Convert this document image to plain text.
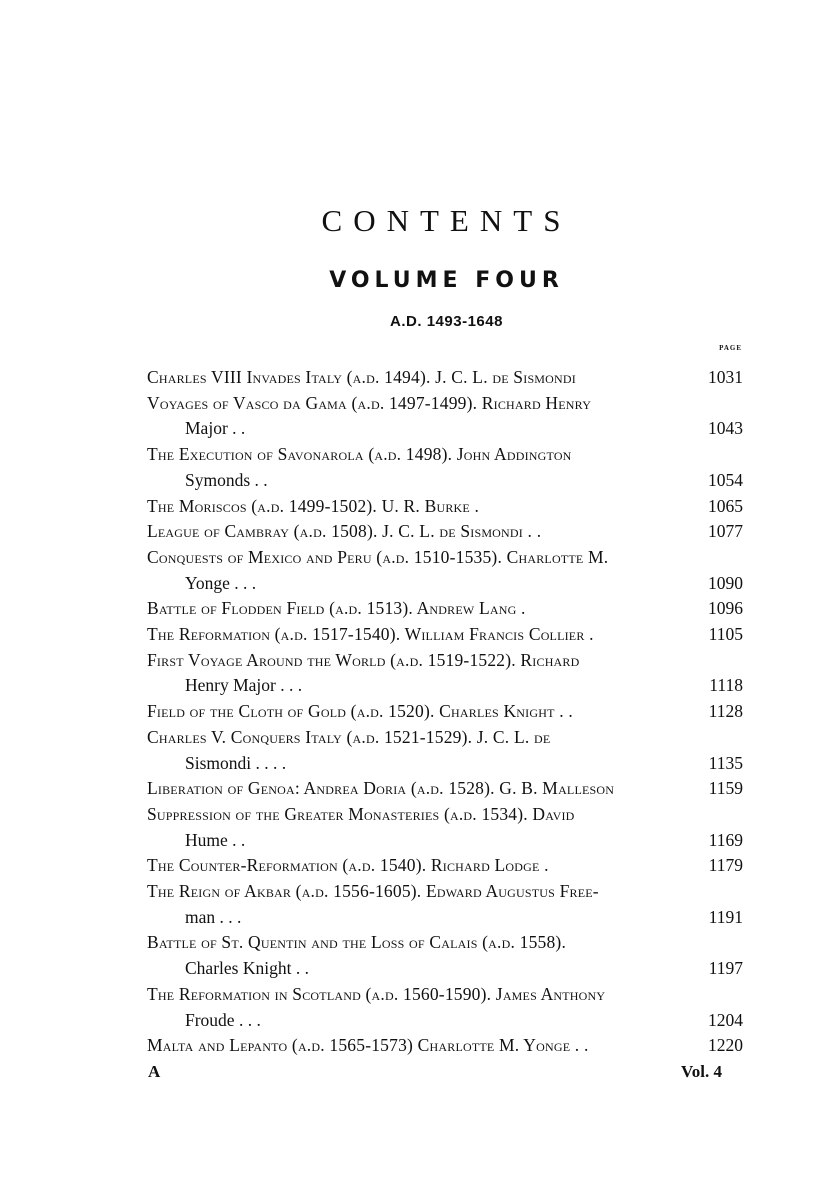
CONTENTS
VOLUME FOUR
A.D. 1493-1648
PAGE
Charles VIII Invades Italy (a.d. 1494). J. C. L. de Sismondi	1031
Voyages of Vasco da Gama (a.d. 1497-1499). Richard Henry
Major . .	1043
The Execution of Savonarola (a.d. 1498). John Addington
Symonds . .	1054
The Moriscos (a.d. 1499-1502). U. R. Burke .	1065
League of Cambray (a.d. 1508). J. C. L. de Sismondi . .	1077
Conquests of Mexico and Peru (a.d. 1510-1535). Charlotte M.
Yonge . . .	1090
Battle of Flodden Field (a.d. 1513). Andrew Lang .	1096
The Reformation (a.d. 1517-1540). William Francis Collier .	1105
First Voyage Around the World (a.d. 1519-1522). Richard
Henry Major . . .	1118
Field of the Cloth of Gold (a.d. 1520). Charles Knight . .	1128
Charles V. Conquers Italy (a.d. 1521-1529). J. C. L. de
Sismondi . . . .	1135
Liberation of Genoa: Andrea Doria (a.d. 1528). G. B. Malleson	1159
Suppression of the Greater Monasteries (a.d. 1534). David
Hume . .	1169
The Counter-Reformation (a.d. 1540). Richard Lodge .	1179
The Reign of Akbar (a.d. 1556-1605). Edward Augustus Free-
man . . .	1191
Battle of St. Quentin and the Loss of Calais (a.d. 1558).
Charles Knight . .	1197
The Reformation in Scotland (a.d. 1560-1590). James Anthony
Froude . . .	1204
Malta and Lepanto (a.d. 1565-1573) Charlotte M. Yonge . .	1220
A	Vol. 4
